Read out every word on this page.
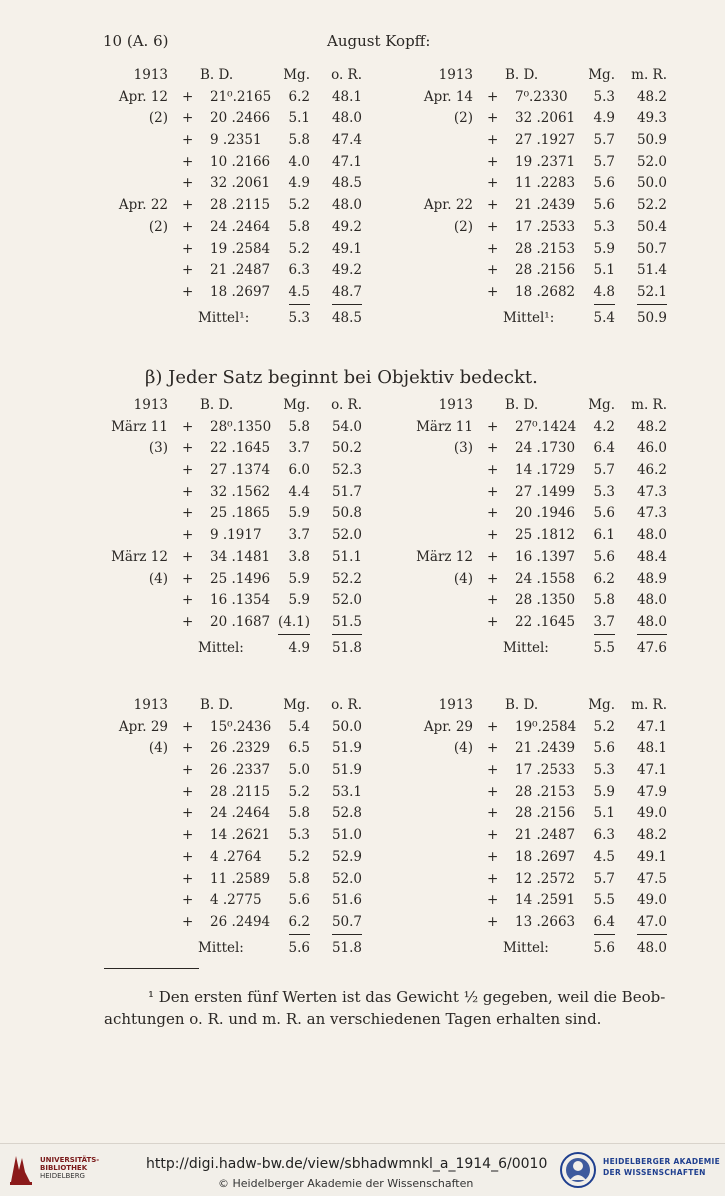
10 (A. 6)	August Kopff:
1913 B. D.	Mg. o. R.
Apr. 12 + 21⁰.2165 6.2 48.1
(2) + 20 .2466 5.1 48.0
+ 9 .2351 5.8 47.4
+ 10 .2166 4.0 47.1
+ 32 .2061 4.9 48.5
Apr. 22 + 28 .2115 5.2 48.0
(2) + 24 .2464 5.8 49.2
+ 19 .2584 5.2 49.1
+ 21 .2487 6.3 49.2
+ 18 .2697 4.5 48.7
Mittel¹:	5.3 48.5
1913 B. D.	Mg. m. R.
Apr. 14 + 7⁰.2330 5.3 48.2
(2) + 32 .2061 4.9 49.3
+ 27 .1927 5.7 50.9
+ 19 .2371 5.7 52.0
+ 11 .2283 5.6 50.0
Apr. 22 + 21 .2439 5.6 52.2
(2) + 17 .2533 5.3 50.4
+ 28 .2153 5.9 50.7
+ 28 .2156 5.1 51.4
+ 18 .2682 4.8 52.1
Mittel¹:	5.4 50.9
β) Jeder Satz beginnt bei Objektiv bedeckt.
1913 B. D.	Mg. o. R.
März 11 + 28⁰.1350 5.8 54.0
(3) + 22 .1645 3.7 50.2
+ 27 .1374 6.0 52.3
+ 32 .1562 4.4 51.7
+ 25 .1865 5.9 50.8
+ 9 .1917 3.7 52.0
März 12 + 34 .1481 3.8 51.1
(4) + 25 .1496 5.9 52.2
+ 16 .1354 5.9 52.0
+ 20 .1687 (4.1) 51.5
Mittel:	4.9 51.8
1913 B. D.	Mg. m. R.
März 11 + 27⁰.1424 4.2 48.2
(3) + 24 .1730 6.4 46.0
+ 14 .1729 5.7 46.2
+ 27 .1499 5.3 47.3
+ 20 .1946 5.6 47.3
+ 25 .1812 6.1 48.0
März 12 + 16 .1397 5.6 48.4
(4) + 24 .1558 6.2 48.9
+ 28 .1350 5.8 48.0
+ 22 .1645 3.7 48.0
Mittel:	5.5 47.6
1913 B. D.	Mg. o. R.
Apr. 29 + 15⁰.2436 5.4 50.0
(4) + 26 .2329 6.5 51.9
+ 26 .2337 5.0 51.9
+ 28 .2115 5.2 53.1
+ 24 .2464 5.8 52.8
+ 14 .2621 5.3 51.0
+ 4 .2764 5.2 52.9
+ 11 .2589 5.8 52.0
+ 4 .2775 5.6 51.6
+ 26 .2494 6.2 50.7
Mittel:	5.6 51.8
1913 B. D.	Mg. m. R.
Apr. 29 + 19⁰.2584 5.2 47.1
(4) + 21 .2439 5.6 48.1
+ 17 .2533 5.3 47.1
+ 28 .2153 5.9 47.9
+ 28 .2156 5.1 49.0
+ 21 .2487 6.3 48.2
+ 18 .2697 4.5 49.1
+ 12 .2572 5.7 47.5
+ 14 .2591 5.5 49.0
+ 13 .2663 6.4 47.0
Mittel:	5.6 48.0
¹ Den ersten fünf Werten ist das Gewicht ½ gegeben, weil die Beob-
achtungen o. R. und m. R. an verschiedenen Tagen erhalten sind.
UNIVERSITÄTS-
BIBLIOTHEK
HEIDELBERG
http://digi.hadw-bw.de/view/sbhadwmnkl_a_1914_6/0010
© Heidelberger Akademie der Wissenschaften
HEIDELBERGER AKADEMIE
DER WISSENSCHAFTEN
